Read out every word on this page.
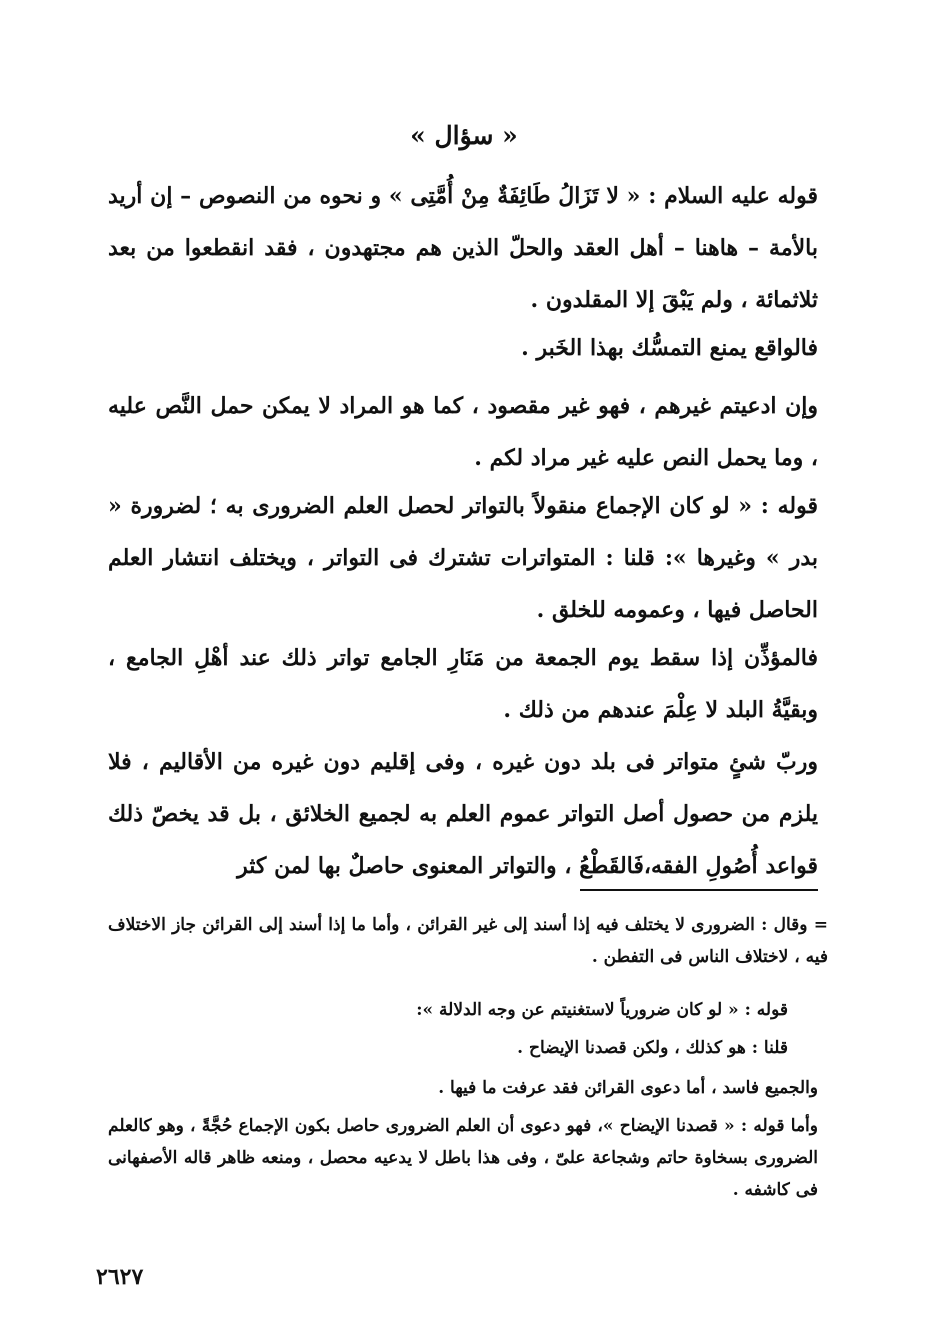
« سؤال »
قوله عليه السلام : « لا تَزَالُ طَائِفَةٌ مِنْ أُمَّتِى » و نحوه من النصوص – إن أريد بالأمة – هاهنا – أهل العقد والحلّ الذين هم مجتهدون ، فقد انقطعوا من بعد ثلاثمائة ، ولم يَبْقَ إلا المقلدون .
فالواقع يمنع التمسُّك بهذا الخَبر .
وإن ادعيتم غيرهم ، فهو غير مقصود ، كما هو المراد لا يمكن حمل النَّص عليه ، وما يحمل النص عليه غير مراد لكم .
قوله : « لو كان الإجماع منقولاً بالتواتر لحصل العلم الضرورى به ؛ لضرورة « بدر » وغيرها »: قلنا : المتواترات تشترك فى التواتر ، ويختلف انتشار العلم الحاصل فيها ، وعمومه للخلق .
فالمؤذِّن إذا سقط يوم الجمعة من مَنَارِ الجامع تواتر ذلك عند أهْلِ الجامع ، وبقيَّةُ البلد لا عِلْمَ عندهم من ذلك .
وربّ شئٍ متواتر فى بلد دون غيره ، وفى إقليم دون غيره من الأقاليم ، فلا يلزم من حصول أصل التواتر عموم العلم به لجميع الخلائق ، بل قد يخصّ ذلك قواعد أُصُولِ الفقه،فَالقَطْعُ ، والتواتر المعنوى حاصلٌ بها لمن كثر
= وقال : الضرورى لا يختلف فيه إذا أسند إلى غير القرائن ، وأما ما إذا أسند إلى القرائن جاز الاختلاف فيه ، لاختلاف الناس فى التفطن .
قوله : « لو كان ضرورياً لاستغنيتم عن وجه الدلالة »:
قلنا : هو كذلك ، ولكن قصدنا الإيضاح .
والجميع فاسد ، أما دعوى القرائن فقد عرفت ما فيها .
وأما قوله : « قصدنا الإيضاح »، فهو دعوى أن العلم الضرورى حاصل بكون الإجماع حُجَّةً ، وهو كالعلم الضرورى بسخاوة حاتم وشجاعة علىّ ، وفى هذا باطل لا يدعيه محصل ، ومنعه ظاهر قاله الأصفهانى فى كاشفه .
٢٦٢٧
